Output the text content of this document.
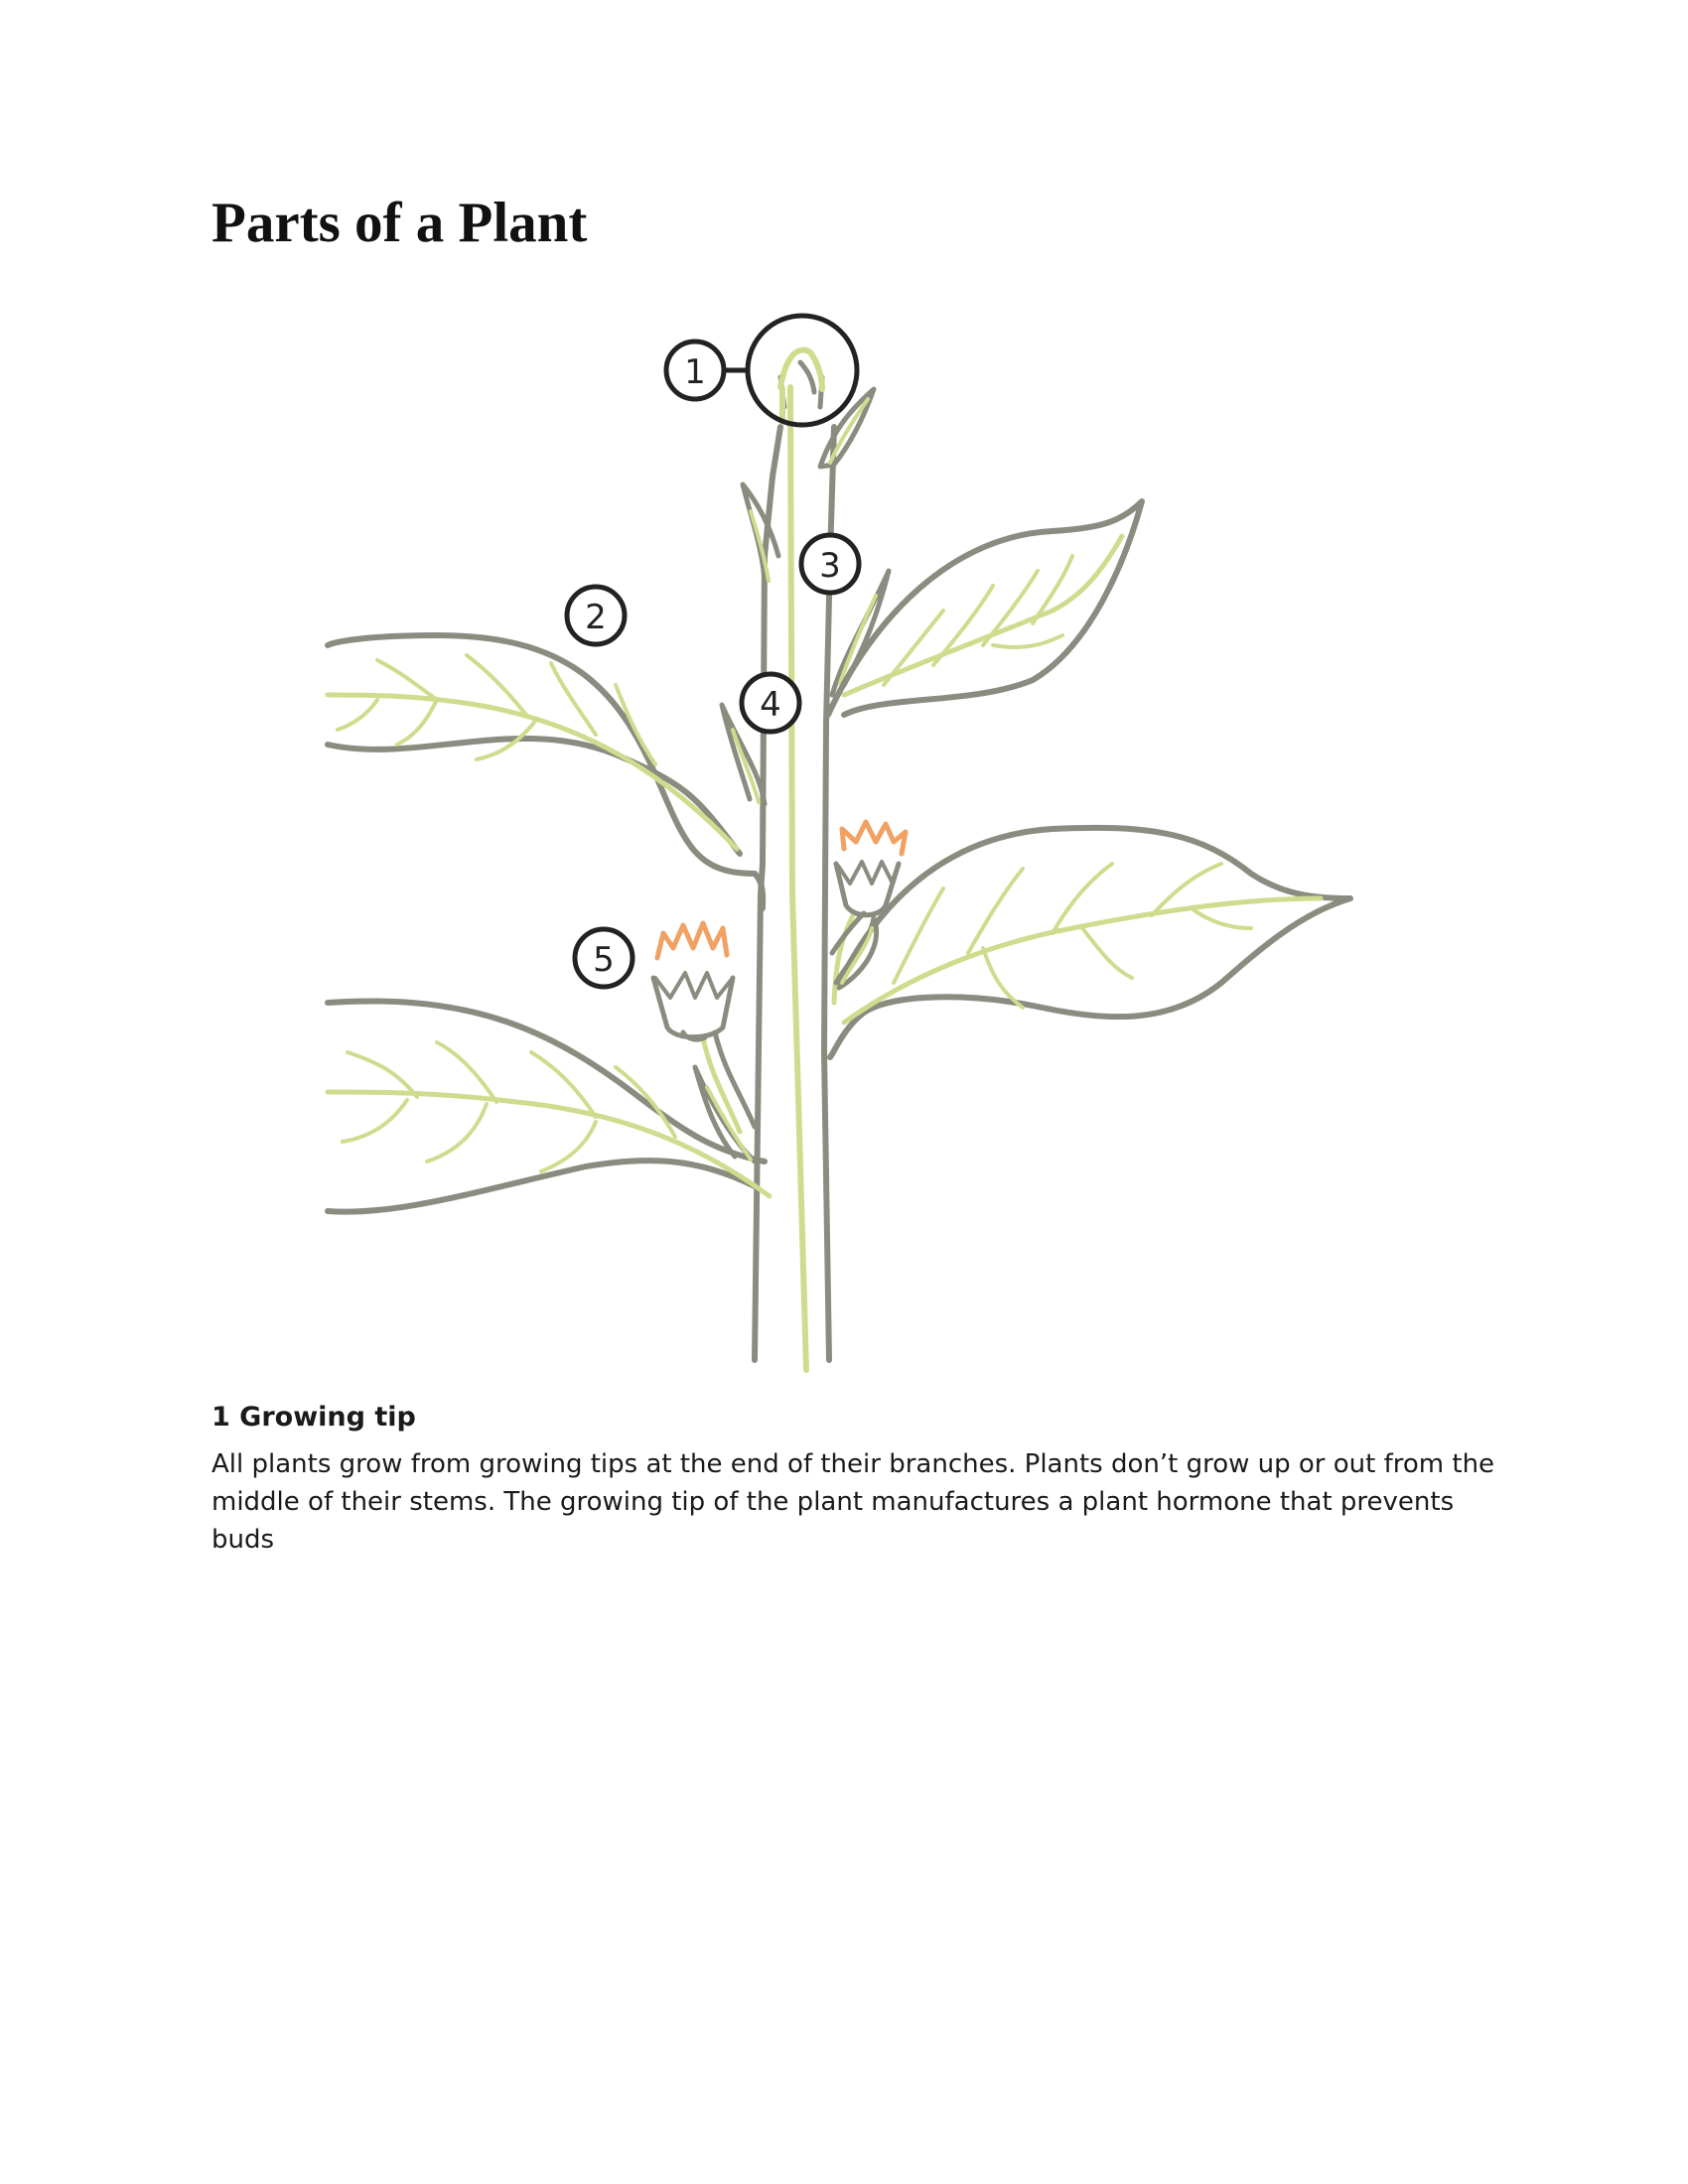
Parts of a Plant
1
2
3
4
5
1 Growing tip

All plants grow from growing tips at the end of their branches. Plants don’t grow up or out from the middle of their stems. The growing tip of the plant manufactures a plant hormone that prevents buds
